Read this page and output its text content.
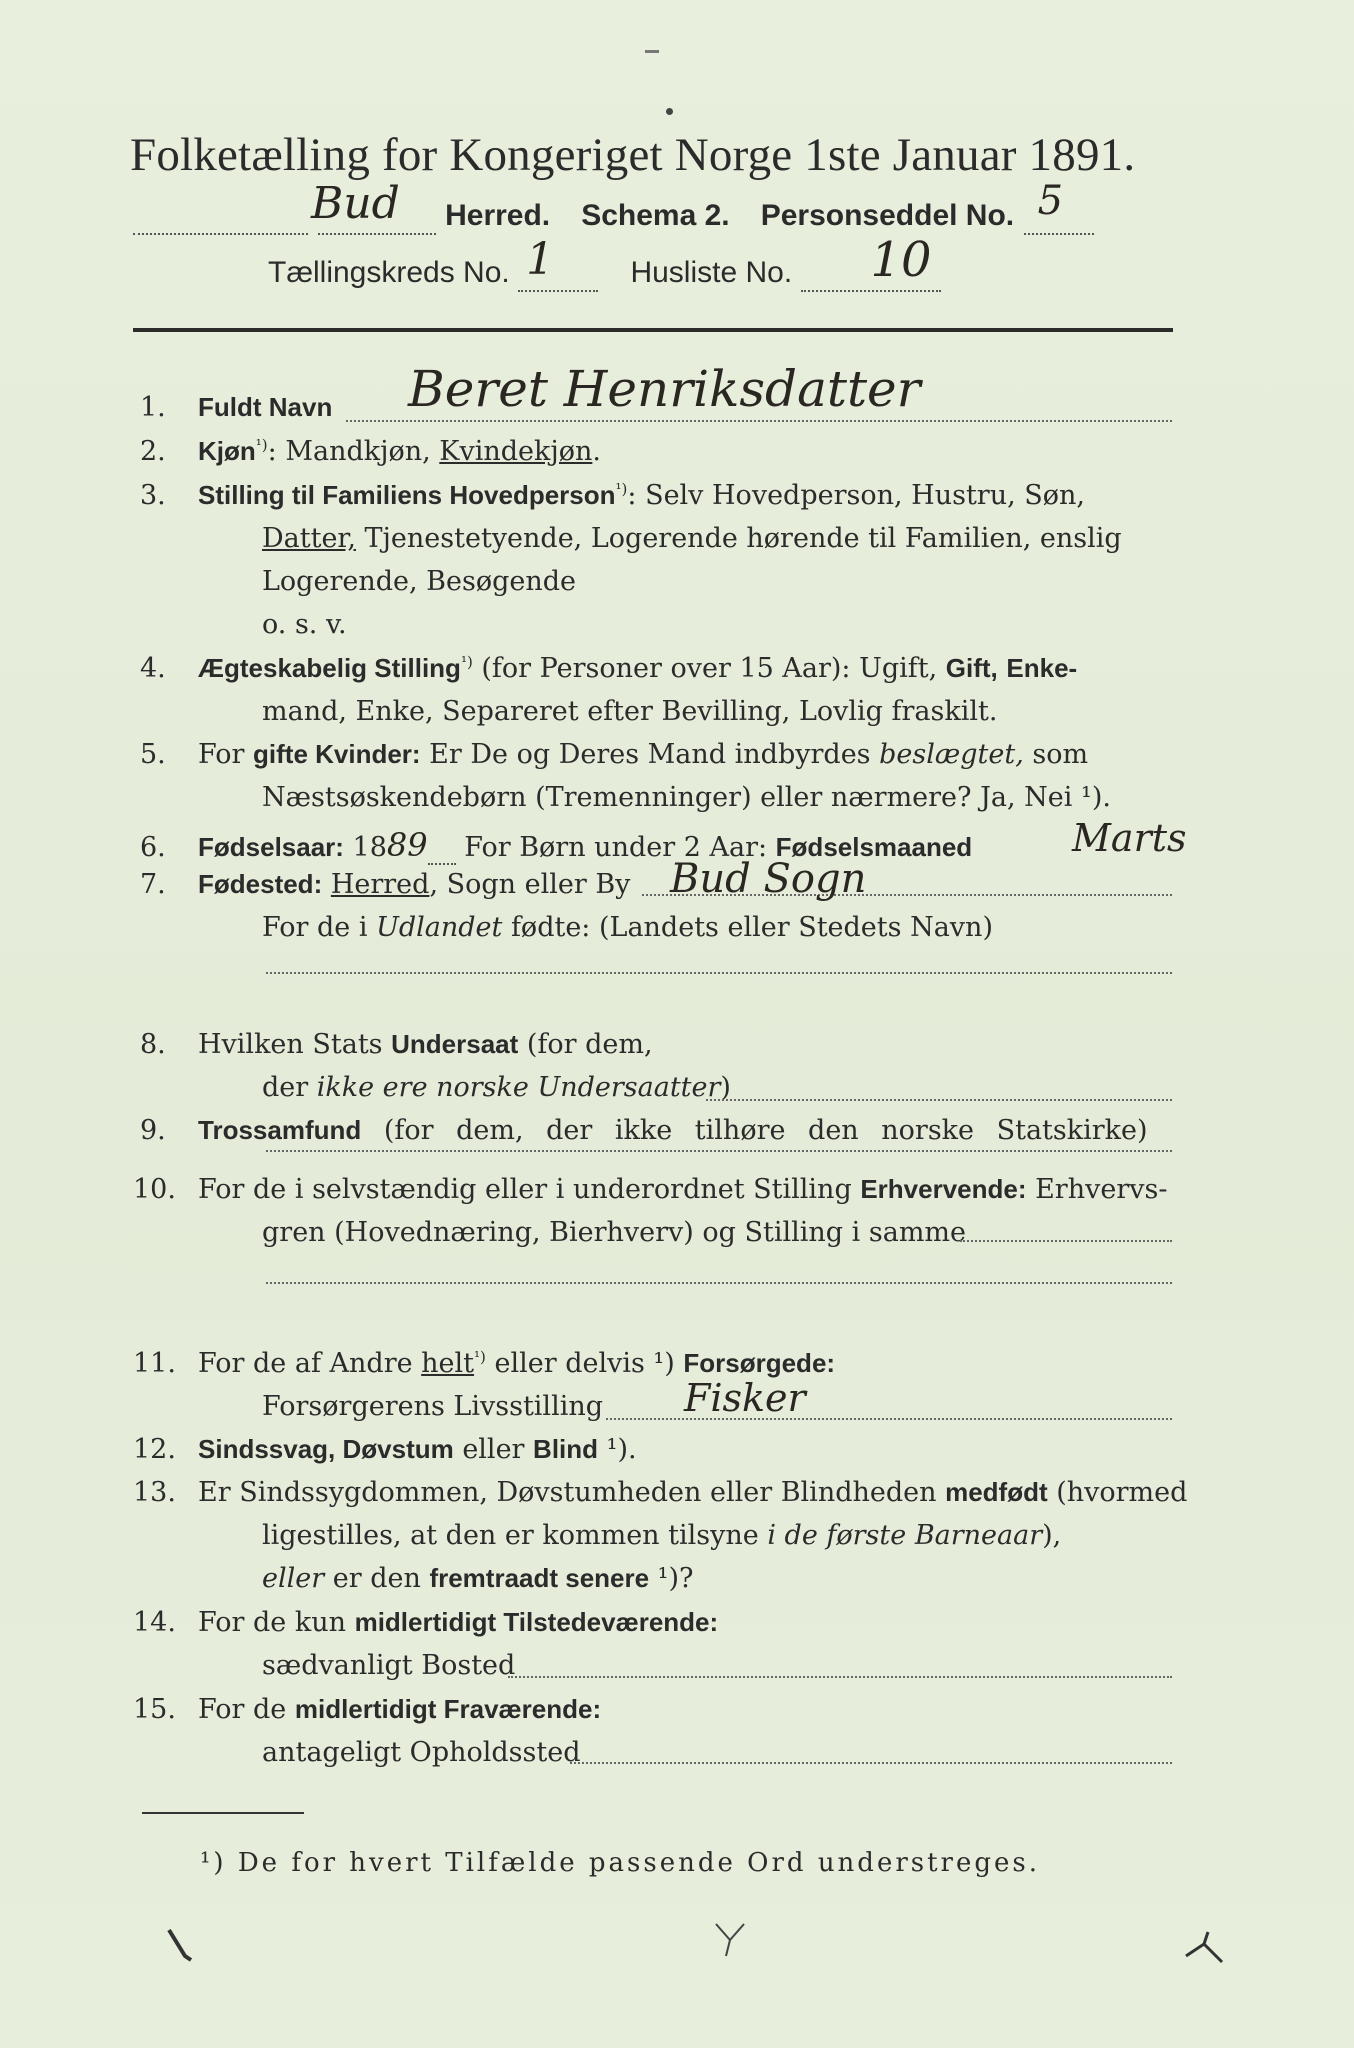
Folketælling for Kongeriget Norge 1ste Januar 1891.
Bud Herred. Schema 2. Personseddel No. 5

Tællingskreds No. 1	Husliste No. 10

1. Fuldt Navn Beret Henriksdatter
2. Kjøn$^{^1)}$: Mandkjøn, Kvindekjøn.
3. Stilling til Familiens Hovedperson$^{^1)}$: Selv Hovedperson, Hustru, Søn,
Datter, Tjenestetyende, Logerende hørende til Familien, enslig
Logerende, Besøgende
o. s. v.
4. Ægteskabelig Stilling$^{^1)}$ (for Personer over 15 Aar): Ugift, Gift, Enke-
mand, Enke, Separeret efter Bevilling, Lovlig fraskilt.
5. For gifte Kvinder: Er De og Deres Mand indbyrdes beslægtet, som
Næstsøskendebørn (Tremenninger) eller nærmere? Ja, Nei ¹).
6. Fødselsaar: 1889  For Børn under 2 Aar: Fødselsmaaned	Marts
7. Fødested: Herred, Sogn eller By Bud Sogn
For de i Udlandet fødte: (Landets eller Stedets Navn)
8. Hvilken Stats Undersaat (for dem,
der ikke ere norske Undersaatter)
9. Trossamfund (for dem, der ikke tilhøre den norske Statskirke)
10. For de i selvstændig eller i underordnet Stilling Erhvervende: Erhvervs-
gren (Hovednæring, Bierhverv) og Stilling i samme
11. For de af Andre helt$^{^1)}$ eller delvis ¹) Forsørgede:
Forsørgerens Livsstilling Fisker
12. Sindssvag, Døvstum eller Blind ¹).
13. Er Sindssygdommen, Døvstumheden eller Blindheden medfødt (hvormed
ligestilles, at den er kommen tilsyne i de første Barneaar),
eller er den fremtraadt senere ¹)?
14. For de kun midlertidigt Tilstedeværende:
sædvanligt Bosted
15. For de midlertidigt Fraværende:
antageligt Opholdssted
¹) De for hvert Tilfælde passende Ord understreges.
